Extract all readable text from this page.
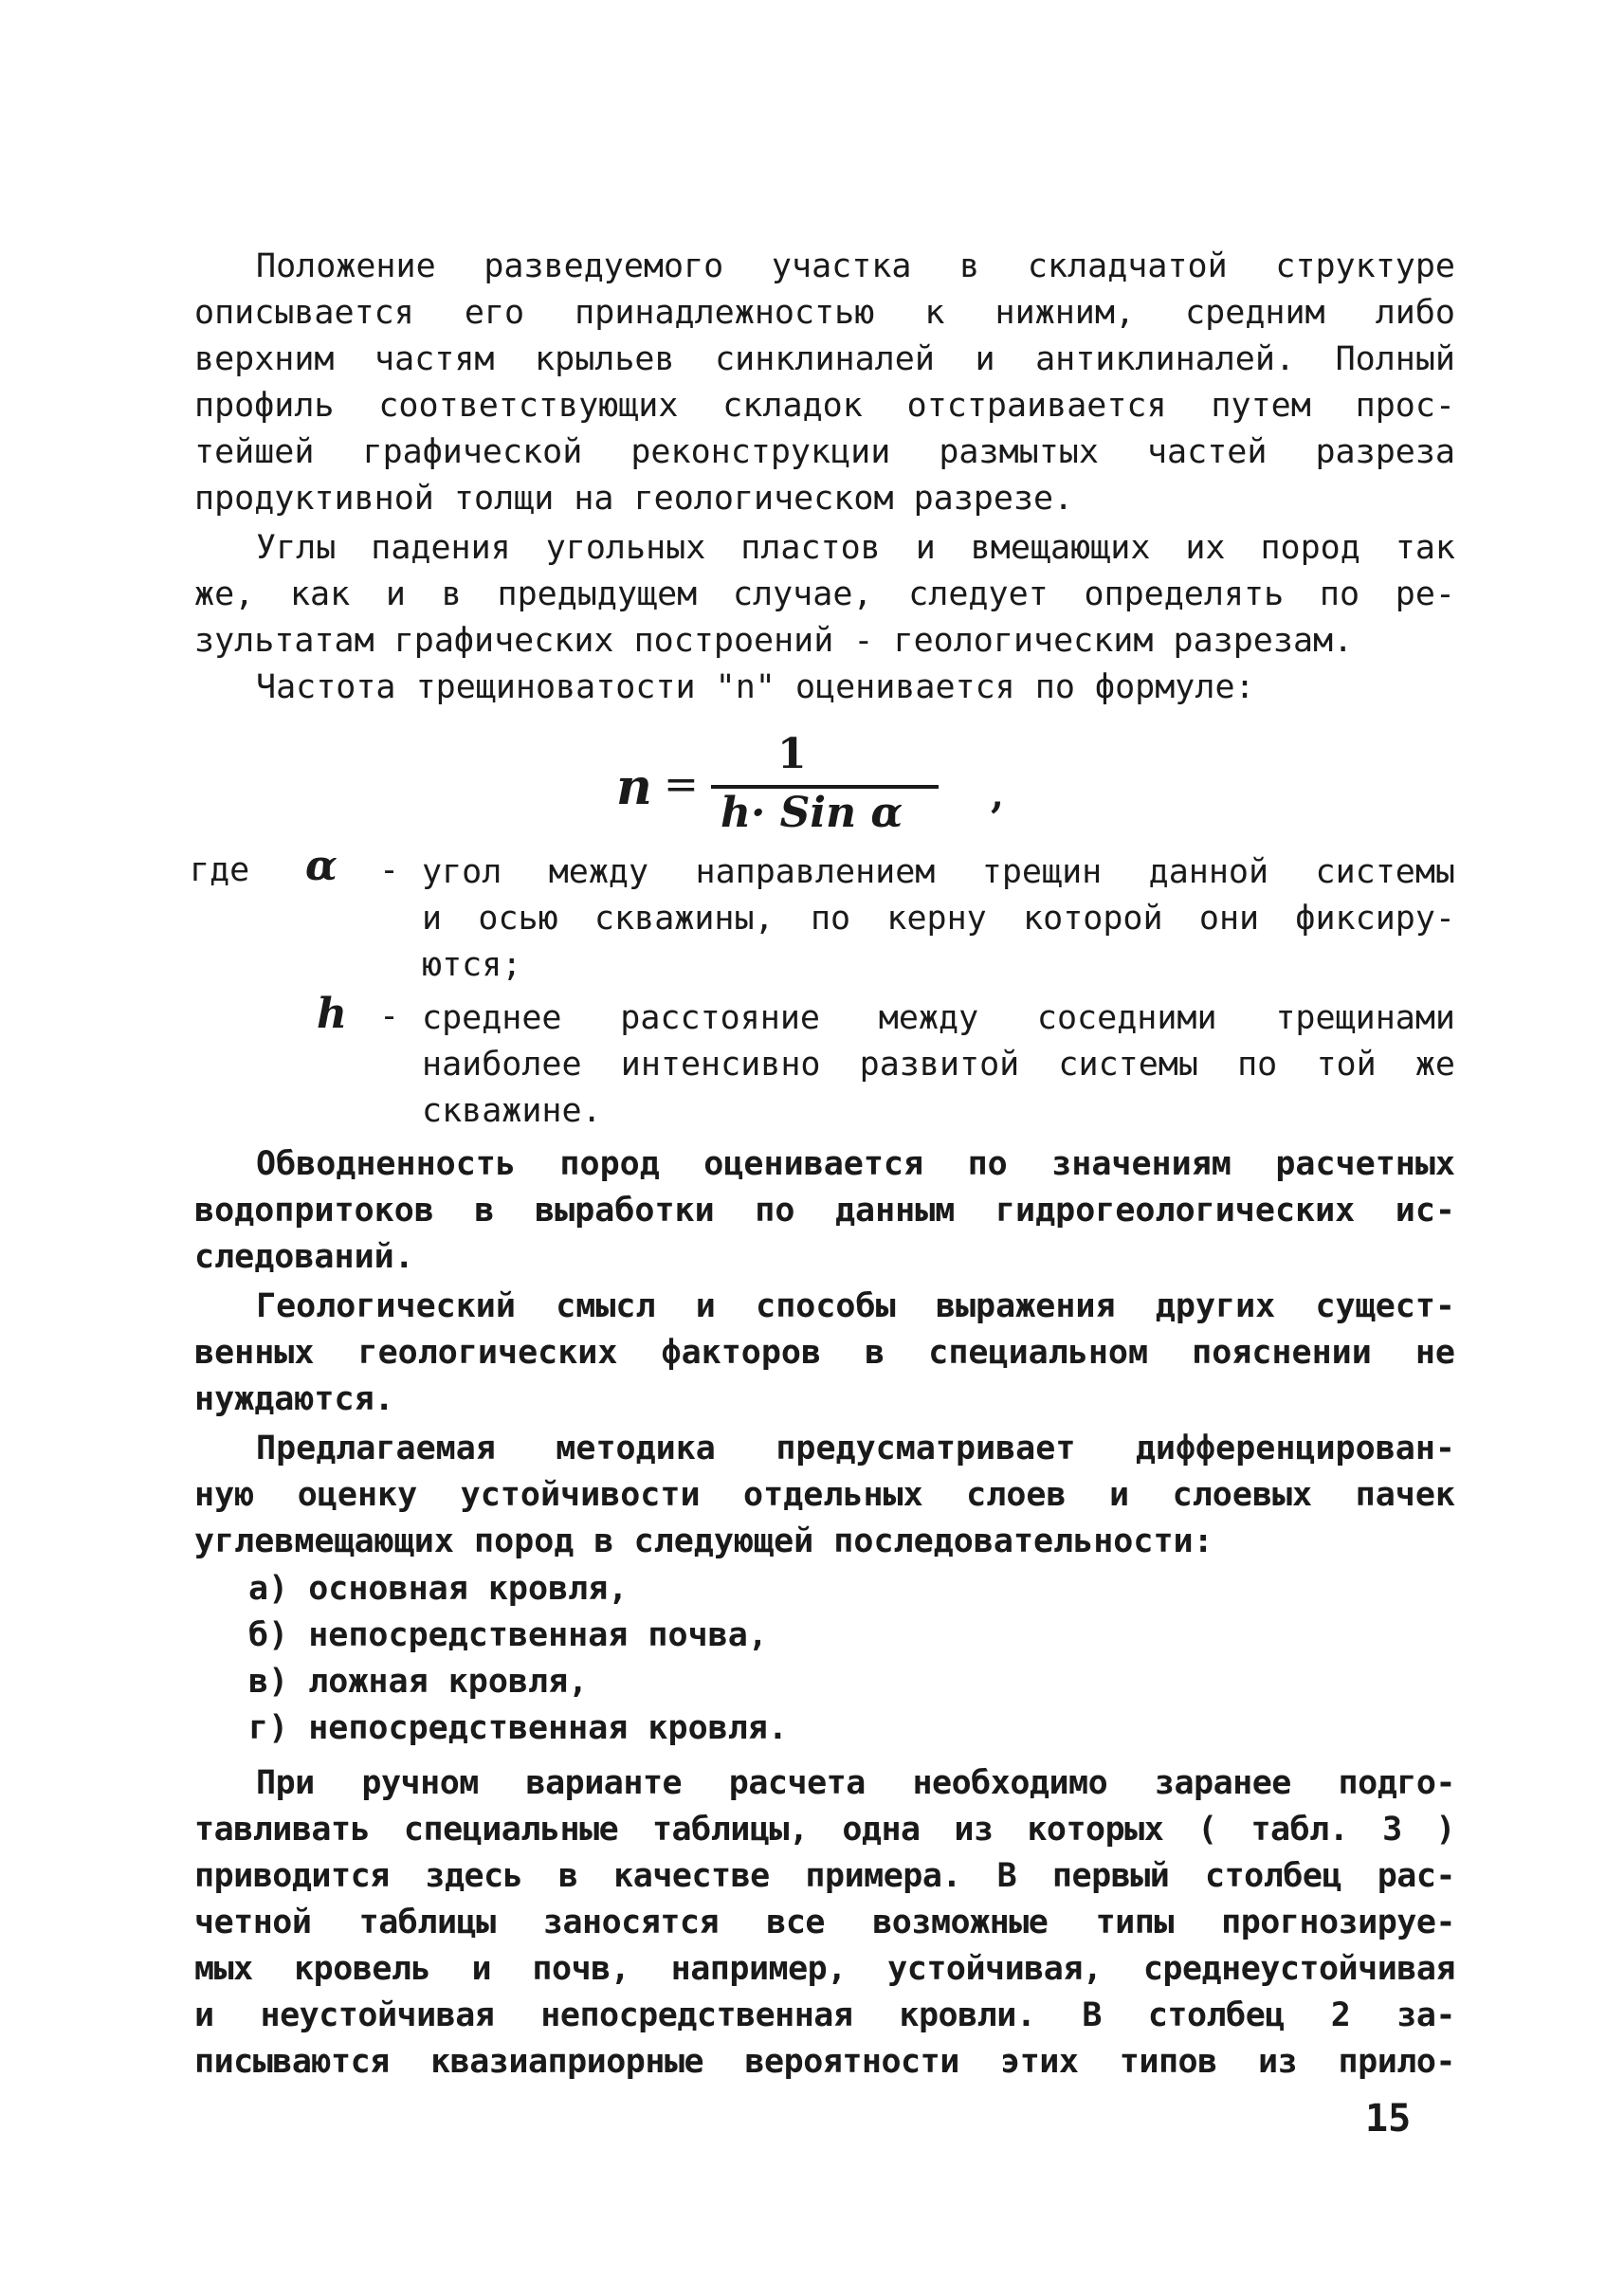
Положение разведуемого участка в складчатой структуре
описывается его принадлежностью к нижним, средним либо
верхним частям крыльев синклиналей и антиклиналей. Полный
профиль соответствующих складок отстраивается путем прос-
тейшей графической реконструкции размытых частей разреза
продуктивной толщи на геологическом разрезе.
Углы падения угольных пластов и вмещающих их пород так
же, как и в предыдущем случае, следует определять по ре-
зультатам графических построений - геологическим разрезам.
Частота трещиноватости "n" оценивается по формуле:
n =
1
h· Sin α ,
где α - угол между направлением трещин данной системы
и осью скважины, по керну которой они фиксиру-
ются;
h - среднее расстояние между соседними трещинами
наиболее интенсивно развитой системы по той же
скважине.
Обводненность пород оценивается по значениям расчетных
водопритоков в выработки по данным гидрогеологических ис-
следований.
Геологический смысл и способы выражения других сущест-
венных геологических факторов в специальном пояснении не
нуждаются.
Предлагаемая методика предусматривает дифференцирован-
ную оценку устойчивости отдельных слоев и слоевых пачек
углевмещающих пород в следующей последовательности:
а) основная кровля,
б) непосредственная почва,
в) ложная кровля,
г) непосредственная кровля.
При ручном варианте расчета необходимо заранее подго-
тавливать специальные таблицы, одна из которых ( табл. 3 )
приводится здесь в качестве примера. В первый столбец рас-
четной таблицы заносятся все возможные типы прогнозируе-
мых кровель и почв, например, устойчивая, среднеустойчивая
и неустойчивая непосредственная кровли. В столбец 2 за-
писываются квазиаприорные вероятности этих типов из прило-
15
